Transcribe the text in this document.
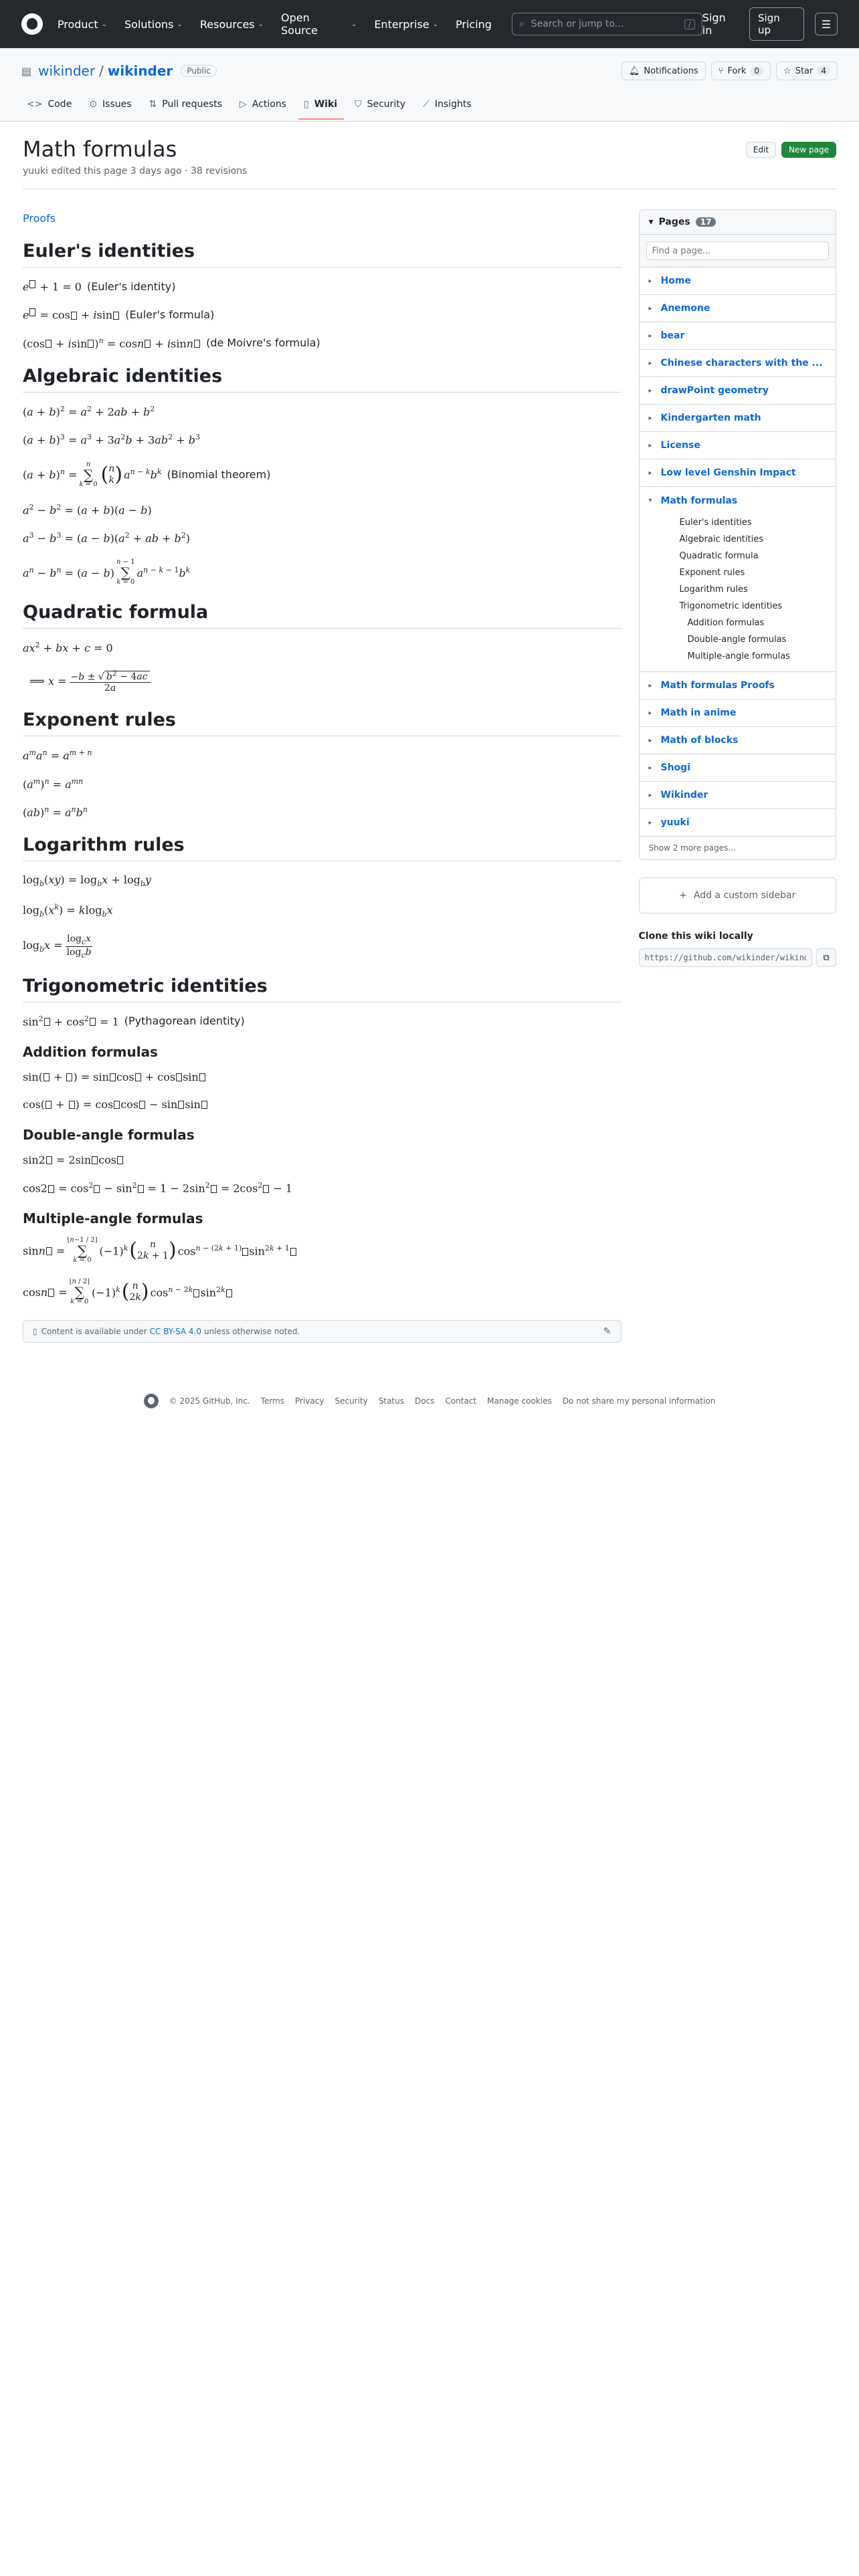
Product ⌄ Solutions ⌄ Resources ⌄ Open Source	⌄ Enterprise ⌄ Pricing	⌕
Search or jump to...	/	Sign in
Sign up	☰
▤ wikinder / wikinder	Public	🔔︎ Notifications ⑂ Fork	0	☆ Star	4
<> Code ⊙ Issues ⇅ Pull requests ▷ Actions ▯ Wiki ⛉ Security ⟋ Insights
Math formulas	Edit	New page
yuuki edited this page 3 days ago · 38 revisions
Proofs
Euler's identities
e + 1 = 0 (Euler's identity)
e = cos + isin	(Euler's formula)
(cos + isin )$^n$ = cosn + isinn	(de Moivre's formula)
Algebraic identities
$(a + b)^2 = a^2 + 2ab + b^2$
$(a + b)^3 = a^3 + 3a^2b + 3ab^2 + b^3$
$(a + b)^n$ =
n
∑
k = 0 ( n
k ) $a^{n - k}b^k$ (Binomial theorem)
$a^2 - b^2 = (a + b)(a - b)$
$a^3 - b^3 = (a - b)(a^2$ + ab + $b^2$)
$a^n - b^n = (a - b)$
n − 1
∑
k = 0
$a^{n - k - 1}b^k$
Quadratic formula
$ax^2$ + bx + c = 0
⟹ $x = \frac{-b \pm √ b^2 - 4ac}{2a}$
Exponent rules
$a^ma^n = a^{m + n}$
$(a^m)^n = a^{mn}$
$(ab)^n = a^nb^n$
Logarithm rules
$\log_b(xy) = \log_bx + \log_by$
$\log_b(x^k) = klog_bx$
$\log_bx = \frac{\log_cx}{\log_cb}$
Trigonometric identities
$\sin^2 + \cos^2 = 1$ (Pythagorean identity)
Addition formulas
sin( + ) = sin cos + cos sin
cos( + ) = cos cos − sin sin
Double-angle formulas
sin2 = 2sin cos
$\cos 2 = \cos^2 - \sin^2 = 1 - 2\sin^2 = 2\cos^2 - 1$
Multiple-angle formulas
sinn =
⌊n−1 / 2⌋
∑
k = 0
$(-1)^k$ ( n
2k + 1 ) $\cos^{n - (2k + 1)} \sin^{2k + 1}$
cosn =
⌊n / 2⌋
∑
k = 0
$(-1)^k$ ( n
2k ) $\cos^{n - 2k} \sin^{2k}$
▯ Content is available under CC BY-SA 4.0 unless otherwise noted.	✎
▾ Pages	17
Find a page...
▸ Home
▸ Anemone
▸ bear
▸ Chinese characters with the ...
▸ drawPoint geometry
▸ Kindergarten math
▸ License
▸ Low level Genshin Impact
▾ Math formulas
Euler's identities
Algebraic identities
Quadratic formula
Exponent rules
Logarithm rules
Trigonometric identities
Addition formulas
Double-angle formulas
Multiple-angle formulas
▸ Math formulas Proofs
▸ Math in anime
▸ Math of blocks
▸ Shogi
▸ Wikinder
▸ yuuki
Show 2 more pages...
+ Add a custom sidebar
Clone this wiki locally
https://github.com/wikinder/wikinder.wiki.git
⧉
© 2025 GitHub, Inc. Terms Privacy Security Status Docs Contact Manage cookies Do not share my personal information
